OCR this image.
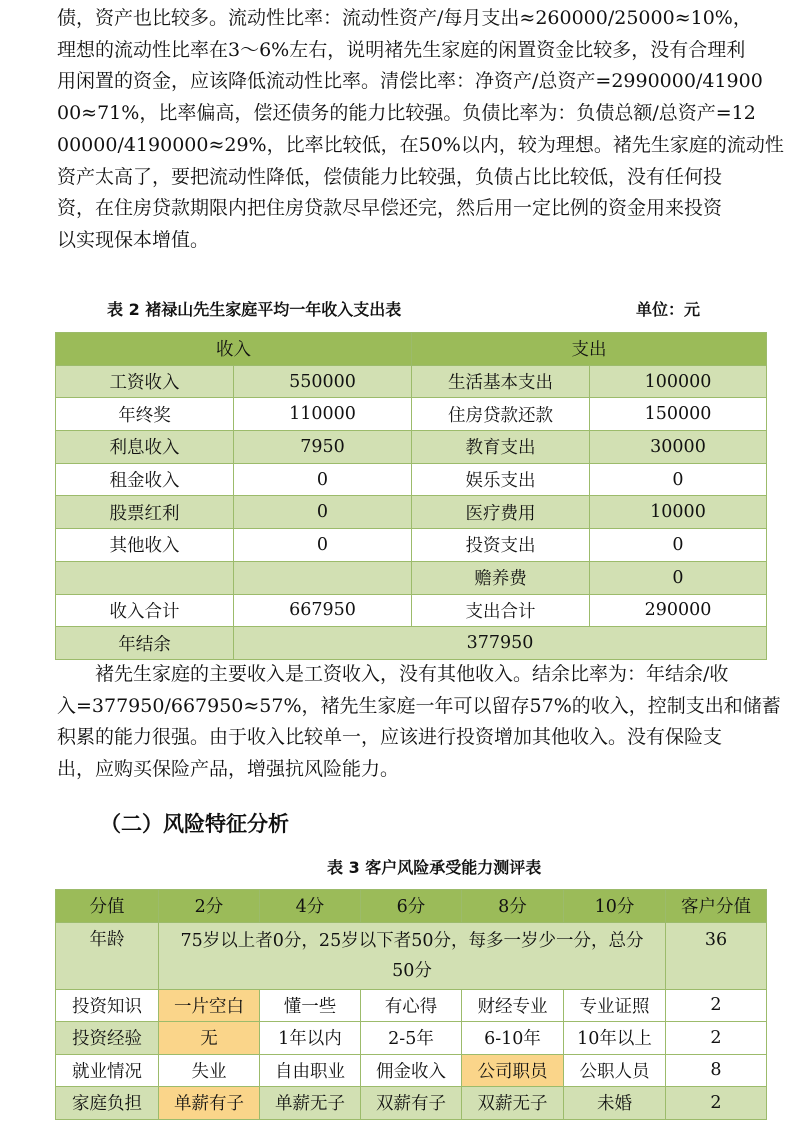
债，资产也比较多。流动性比率：流动性资产/每月支出≈260000/25000≈10%，
理想的流动性比率在3～6%左右，说明褚先生家庭的闲置资金比较多，没有合理利
用闲置的资金，应该降低流动性比率。清偿比率：净资产/总资产=2990000/41900
00≈71%，比率偏高，偿还债务的能力比较强。负债比率为：负债总额/总资产=12
00000/4190000≈29%，比率比较低，在50%以内，较为理想。褚先生家庭的流动性
资产太高了，要把流动性降低，偿债能力比较强，负债占比比较低，没有任何投
资，在住房贷款期限内把住房贷款尽早偿还完，然后用一定比例的资金用来投资
以实现保本增值。
表 2 褚禄山先生家庭平均一年收入支出表	单位：元
收入		支出	
工资收入	550000	生活基本支出	100000
年终奖	110000	住房贷款还款	150000
利息收入	7950	教育支出	30000
租金收入	0	娱乐支出	0
股票红利	0	医疗费用	10000
其他收入	0	投资支出	0
		赡养费	0
收入合计	667950	支出合计	290000
年结余	377950		
褚先生家庭的主要收入是工资收入，没有其他收入。结余比率为：年结余/收
入=377950/667950≈57%，褚先生家庭一年可以留存57%的收入，控制支出和储蓄
积累的能力很强。由于收入比较单一，应该进行投资增加其他收入。没有保险支
出，应购买保险产品，增强抗风险能力。
（二）风险特征分析
表 3 客户风险承受能力测评表
分值	2分	4分	6分	8分	10分	客户分值
年龄	75岁以上者0分，25岁以下者50分，每多一岁少一分，总分50分					36
投资知识	一片空白	懂一些	有心得	财经专业	专业证照	2
投资经验	无	1年以内	2-5年	6-10年	10年以上	2
就业情况	失业	自由职业	佣金收入	公司职员	公职人员	8
家庭负担	单薪有子	单薪无子	双薪有子	双薪无子	未婚	2
